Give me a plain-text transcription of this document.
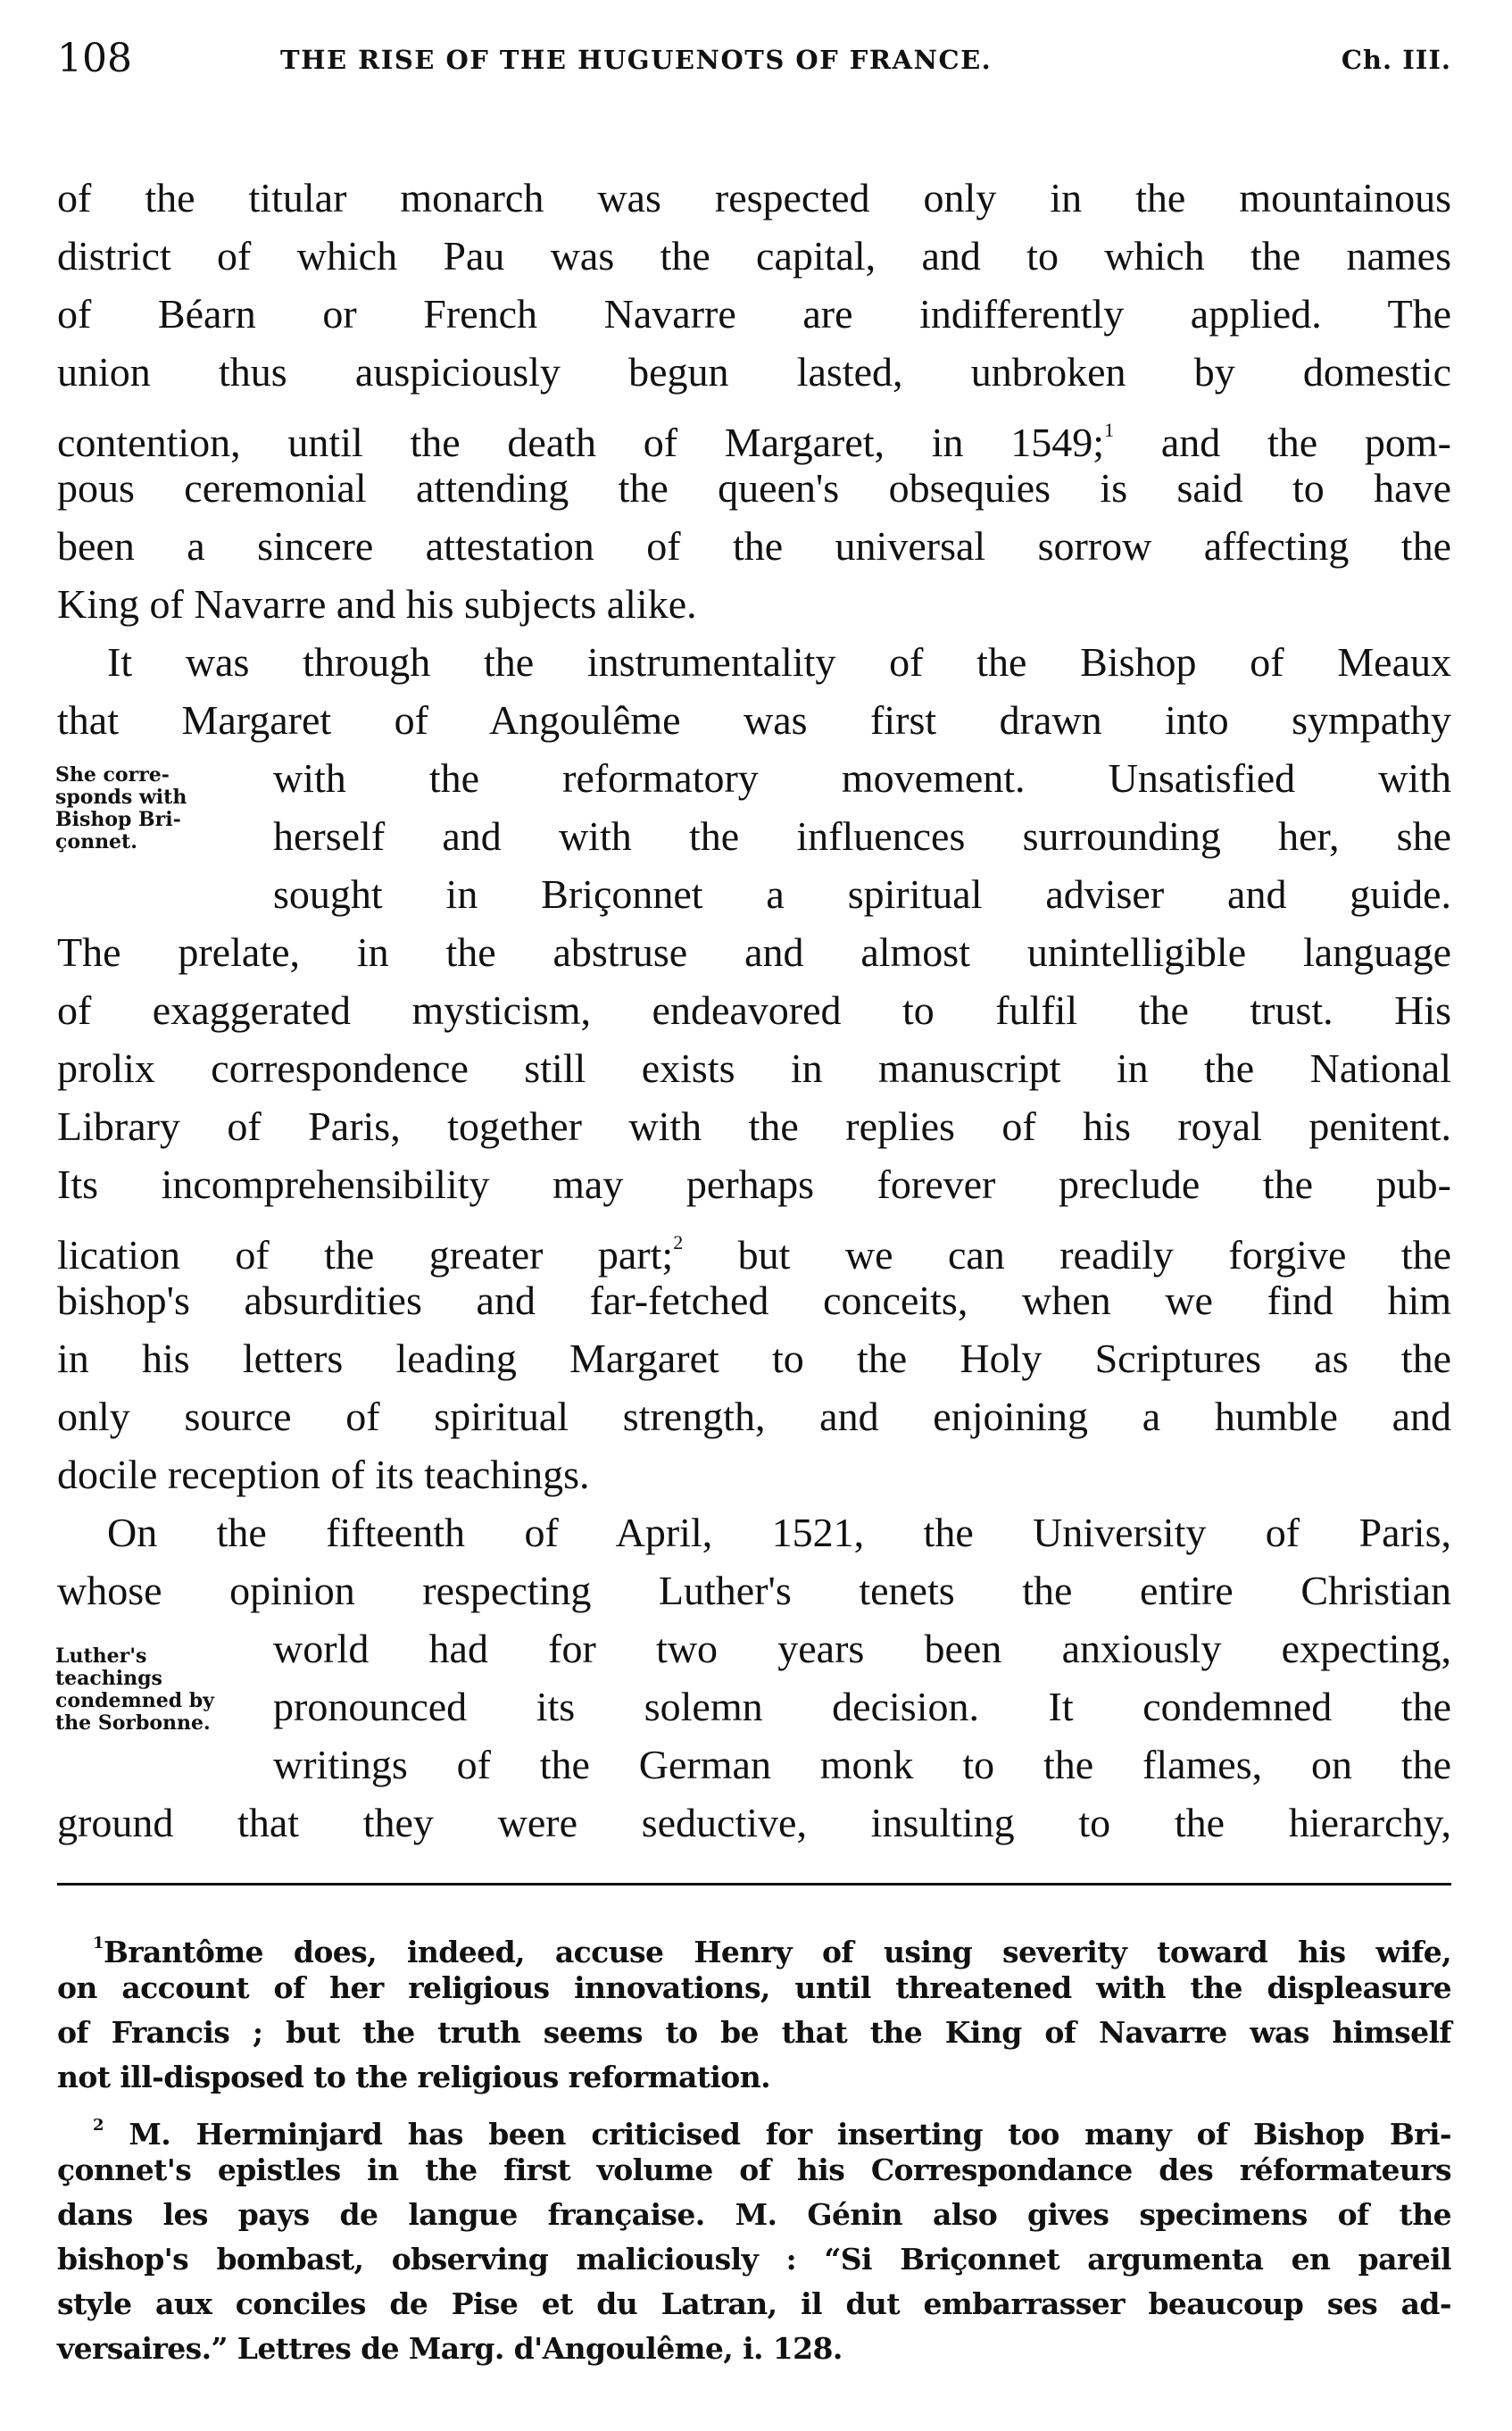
108	THE RISE OF THE HUGUENOTS OF FRANCE.	Ch. III.
of the titular monarch was respected only in the mountainous
district of which Pau was the capital, and to which the names
of Béarn or French Navarre are indifferently applied. The
union thus auspiciously begun lasted, unbroken by domestic
contention, until the death of Margaret, in 1549;$^1$ and the pom-
pous ceremonial attending the queen's obsequies is said to have
been a sincere attestation of the universal sorrow affecting the
King of Navarre and his subjects alike.
It was through the instrumentality of the Bishop of Meaux
that Margaret of Angoulême was first drawn into sympathy
with the reformatory movement. Unsatisfied with
herself and with the influences surrounding her, she
sought in Briçonnet a spiritual adviser and guide.
The prelate, in the abstruse and almost unintelligible language
of exaggerated mysticism, endeavored to fulfil the trust. His
prolix correspondence still exists in manuscript in the National
Library of Paris, together with the replies of his royal penitent.
Its incomprehensibility may perhaps forever preclude the pub-
lication of the greater part;$^2$ but we can readily forgive the
bishop's absurdities and far-fetched conceits, when we find him
in his letters leading Margaret to the Holy Scriptures as the
only source of spiritual strength, and enjoining a humble and
docile reception of its teachings.
On the fifteenth of April, 1521, the University of Paris,
whose opinion respecting Luther's tenets the entire Christian
world had for two years been anxiously expecting,
pronounced its solemn decision. It condemned the
writings of the German monk to the flames, on the
ground that they were seductive, insulting to the hierarchy,
She corre-
sponds with
Bishop Bri-
çonnet.
Luther's
teachings
condemned by
the Sorbonne.
$^1$Brantôme does, indeed, accuse Henry of using severity toward his wife,
on account of her religious innovations, until threatened with the displeasure
of Francis ; but the truth seems to be that the King of Navarre was himself
not ill-disposed to the religious reformation.
$^2$ M. Herminjard has been criticised for inserting too many of Bishop Bri-
çonnet's epistles in the first volume of his Correspondance des réformateurs
dans les pays de langue française. M. Génin also gives specimens of the
bishop's bombast, observing maliciously : “Si Briçonnet argumenta en pareil
style aux conciles de Pise et du Latran, il dut embarrasser beaucoup ses ad-
versaires.” Lettres de Marg. d'Angoulême, i. 128.
